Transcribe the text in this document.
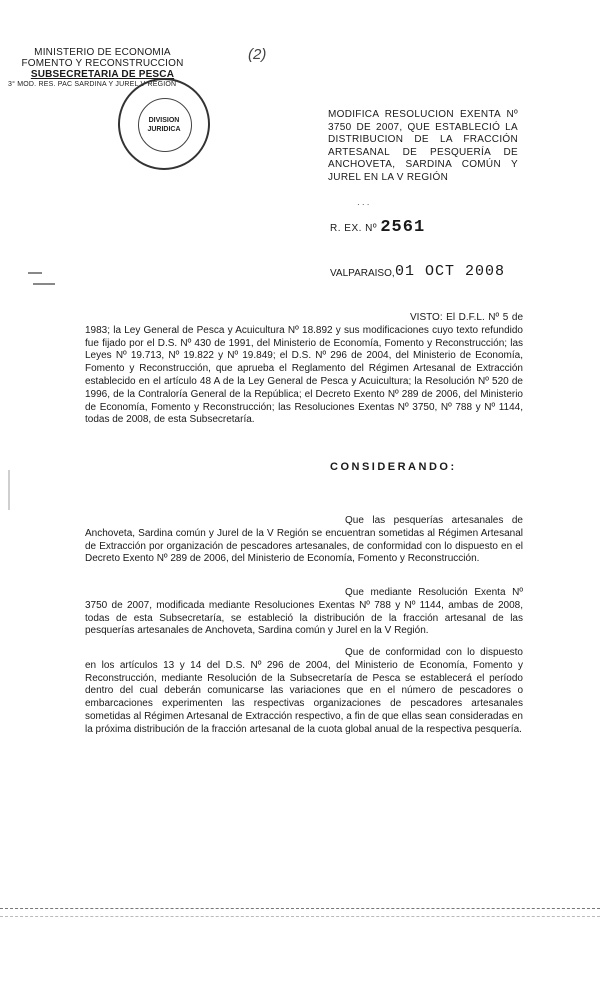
MINISTERIO DE ECONOMIA
FOMENTO Y RECONSTRUCCION
SUBSECRETARIA DE PESCA
3° MOD. RES. PAC SARDINA Y JUREL V REGION
DIVISION
JURIDICA
(2)
MODIFICA RESOLUCION EXENTA Nº 3750 DE 2007, QUE ESTABLECIÓ LA DISTRIBUCION DE LA FRACCIÓN ARTESANAL DE PESQUERÍA DE ANCHOVETA, SARDINA COMÚN Y JUREL EN LA V REGIÓN
· · ·
R. EX. Nº 2561
VALPARAISO, 01 OCT 2008
VISTO: El D.F.L. Nº 5 de 1983; la Ley General de Pesca y Acuicultura Nº 18.892 y sus modificaciones cuyo texto refundido fue fijado por el D.S. Nº 430 de 1991, del Ministerio de Economía, Fomento y Reconstrucción; las Leyes Nº 19.713, Nº 19.822 y Nº 19.849; el D.S. Nº 296 de 2004, del Ministerio de Economía, Fomento y Reconstrucción, que aprueba el Reglamento del Régimen Artesanal de Extracción establecido en el artículo 48 A de la Ley General de Pesca y Acuicultura; la Resolución Nº 520 de 1996, de la Contraloría General de la República; el Decreto Exento Nº 289 de 2006, del Ministerio de Economía, Fomento y Reconstrucción; las Resoluciones Exentas Nº 3750, Nº 788 y Nº 1144, todas de 2008, de esta Subsecretaría.
CONSIDERANDO:
Que las pesquerías artesanales de Anchoveta, Sardina común y Jurel de la V Región se encuentran sometidas al Régimen Artesanal de Extracción por organización de pescadores artesanales, de conformidad con lo dispuesto en el Decreto Exento Nº 289 de 2006, del Ministerio de Economía, Fomento y Reconstrucción.
Que mediante Resolución Exenta Nº 3750 de 2007, modificada mediante Resoluciones Exentas Nº 788 y Nº 1144, ambas de 2008, todas de esta Subsecretaría, se estableció la distribución de la fracción artesanal de las pesquerías artesanales de Anchoveta, Sardina común y Jurel en la V Región.
Que de conformidad con lo dispuesto en los artículos 13 y 14 del D.S. Nº 296 de 2004, del Ministerio de Economía, Fomento y Reconstrucción, mediante Resolución de la Subsecretaría de Pesca se establecerá el período dentro del cual deberán comunicarse las variaciones que en el número de pescadores o embarcaciones experimenten las respectivas organizaciones de pescadores artesanales sometidas al Régimen Artesanal de Extracción respectivo, a fin de que ellas sean consideradas en la próxima distribución de la fracción artesanal de la cuota global anual de la respectiva pesquería.
